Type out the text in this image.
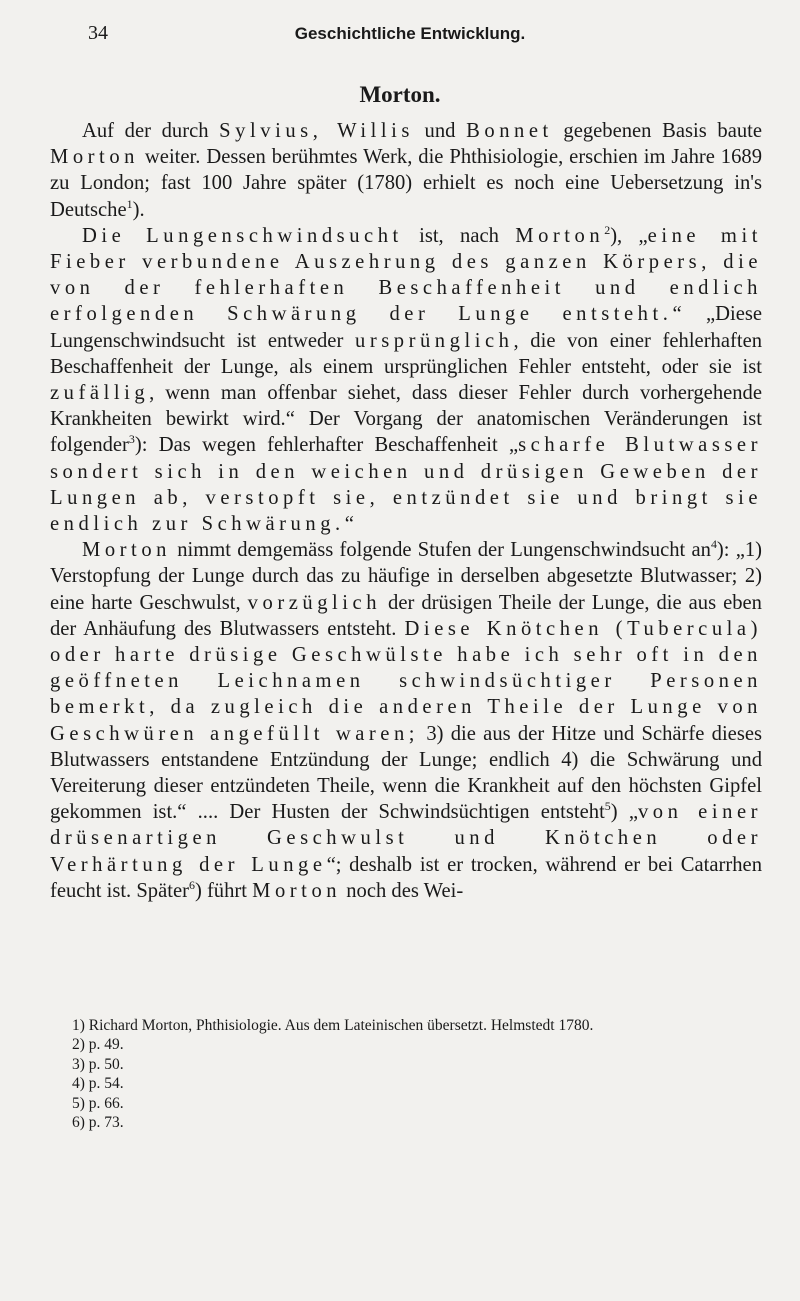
34	Geschichtliche Entwicklung.
Morton.

Auf der durch Sylvius, Willis und Bonnet gegebenen Basis baute Morton weiter. Dessen berühmtes Werk, die Phthisiologie, erschien im Jahre 1689 zu London; fast 100 Jahre später (1780) erhielt es noch eine Uebersetzung in's Deutsche$^1$).

Die Lungenschwindsucht ist, nach Morton$^2$), „eine mit Fieber verbundene Auszehrung des ganzen Körpers, die von der fehlerhaften Beschaffenheit und endlich erfolgenden Schwärung der Lunge entsteht.“ „Diese Lungenschwindsucht ist entweder ursprünglich, die von einer fehlerhaften Beschaffenheit der Lunge, als einem ursprünglichen Fehler entsteht, oder sie ist zufällig, wenn man offenbar siehet, dass dieser Fehler durch vorhergehende Krankheiten bewirkt wird.“ Der Vorgang der anatomischen Veränderungen ist folgender$^3$): Das wegen fehlerhafter Beschaffenheit „scharfe Blutwasser sondert sich in den weichen und drüsigen Geweben der Lungen ab, verstopft sie, entzündet sie und bringt sie endlich zur Schwärung.“

Morton nimmt demgemäss folgende Stufen der Lungenschwindsucht $an^4$): „1) Verstopfung der Lunge durch das zu häufige in derselben abgesetzte Blutwasser; 2) eine harte Geschwulst, vorzüglich der drüsigen Theile der Lunge, die aus eben der Anhäufung des Blutwassers entsteht. Diese Knötchen (Tubercula) oder harte drüsige Geschwülste habe ich sehr oft in den geöffneten Leichnamen schwindsüchtiger Personen bemerkt, da zugleich die anderen Theile der Lunge von Geschwüren angefüllt waren; 3) die aus der Hitze und Schärfe dieses Blutwassers entstandene Entzündung der Lunge; endlich 4) die Schwärung und Vereiterung dieser entzündeten Theile, wenn die Krankheit auf den höchsten Gipfel gekommen ist.“ .... Der Husten der Schwindsüchtigen entsteht$^5$) „von einer drüsenartigen Geschwulst und Knötchen oder Verhärtung der Lunge“; deshalb ist er trocken, während er bei Catarrhen feucht ist. Später$^6$) führt Morton noch des Wei-

1) Richard Morton, Phthisiologie. Aus dem Lateinischen übersetzt. Helmstedt 1780.
2) p. 49.
3) p. 50.
4) p. 54.
5) p. 66.
6) p. 73.
